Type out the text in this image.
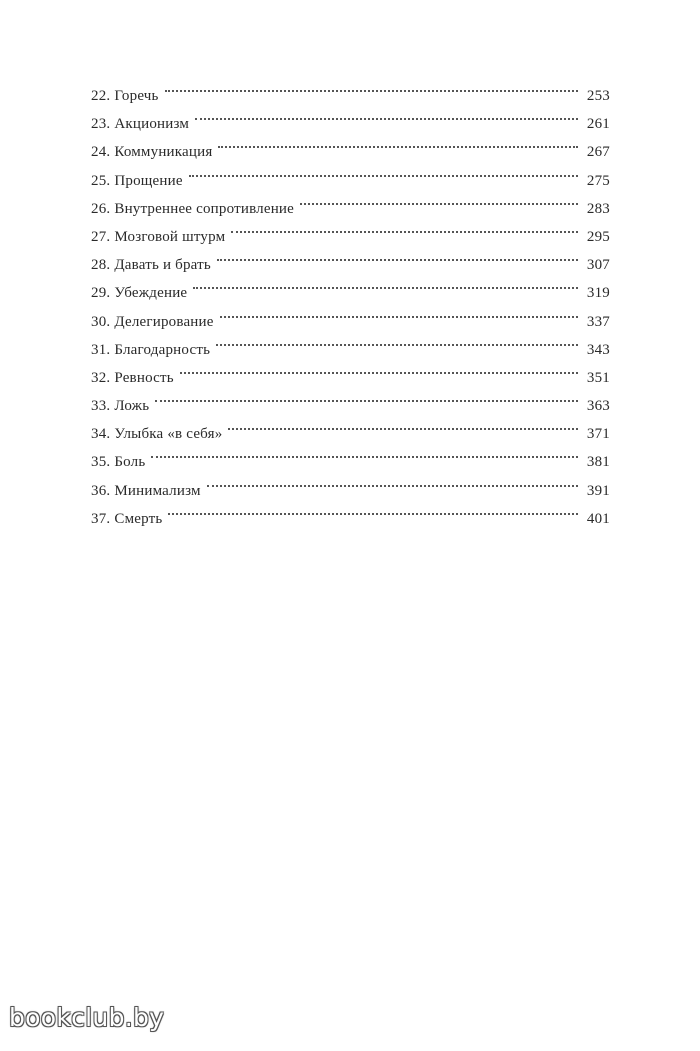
22. Горечь	253
23. Акционизм	261
24. Коммуникация	267
25. Прощение	275
26. Внутреннее сопротивление	283
27. Мозговой штурм	295
28. Давать и брать	307
29. Убеждение	319
30. Делегирование	337
31. Благодарность	343
32. Ревность	351
33. Ложь	363
34. Улыбка «в себя»	371
35. Боль	381
36. Минимализм	391
37. Смерть	401
bookclub.by
